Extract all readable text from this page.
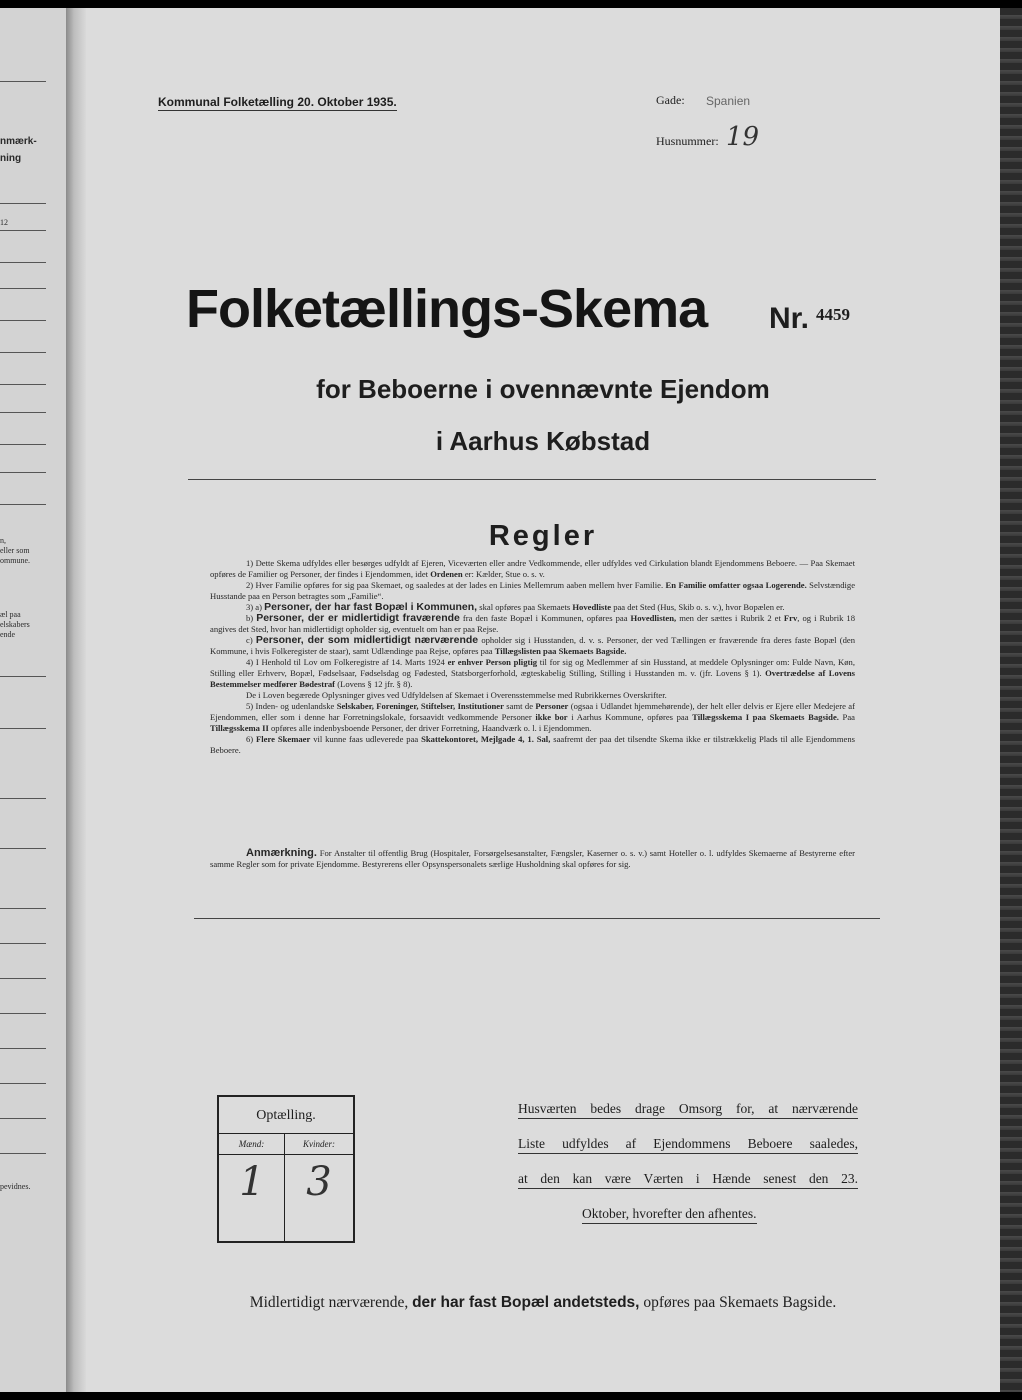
nmærk-
ning
12
n,
eller som
ommune.
æl paa
elskabers
ende
pevidnes.
Kommunal Folketælling 20. Oktober 1935.	Gade: Spanien
Husnummer: 19
Folketællings-Skema Nr. 4459
for Beboerne i ovennævnte Ejendom
i Aarhus Købstad
Regler

1) Dette Skema udfyldes eller besørges udfyldt af Ejeren, Viceværten eller andre Vedkommende, eller udfyldes ved Cirkulation blandt Ejendommens Beboere. — Paa Skemaet opføres de Familier og Personer, der findes i Ejendommen, idet Ordenen er: Kælder, Stue o. s. v.

2) Hver Familie opføres for sig paa Skemaet, og saaledes at der lades en Linies Mellemrum aaben mellem hver Familie. En Familie omfatter ogsaa Logerende. Selvstændige Husstande paa en Person betragtes som „Familie“.

3) a) Personer, der har fast Bopæl i Kommunen, skal opføres paa Skemaets Hovedliste paa det Sted (Hus, Skib o. s. v.), hvor Bopælen er.

b) Personer, der er midlertidigt fraværende fra den faste Bopæl i Kommunen, opføres paa Hovedlisten, men der sættes i Rubrik 2 et Frv, og i Rubrik 18 angives det Sted, hvor han midlertidigt opholder sig, eventuelt om han er paa Rejse.

c) Personer, der som midlertidigt nærværende opholder sig i Husstanden, d. v. s. Personer, der ved Tællingen er fraværende fra deres faste Bopæl (den Kommune, i hvis Folkeregister de staar), samt Udlændinge paa Rejse, opføres paa Tillægslisten paa Skemaets Bagside.

4) I Henhold til Lov om Folkeregistre af 14. Marts 1924 er enhver Person pligtig til for sig og Medlemmer af sin Husstand, at meddele Oplysninger om: Fulde Navn, Køn, Stilling eller Erhverv, Bopæl, Fødselsaar, Fødselsdag og Fødested, Statsborgerforhold, ægteskabelig Stilling, Stilling i Husstanden m. v. (jfr. Lovens § 1). Overtrædelse af Lovens Bestemmelser medfører Bødestraf (Lovens § 12 jfr. § 8).

De i Loven begærede Oplysninger gives ved Udfyldelsen af Skemaet i Overensstemmelse med Rubrikkernes Overskrifter.

5) Inden- og udenlandske Selskaber, Foreninger, Stiftelser, Institutioner samt de Personer (ogsaa i Udlandet hjemmehørende), der helt eller delvis er Ejere eller Medejere af Ejendommen, eller som i denne har Forretningslokale, forsaavidt vedkommende Personer ikke bor i Aarhus Kommune, opføres paa Tillægsskema I paa Skemaets Bagside. Paa Tillægsskema II opføres alle indenbysboende Personer, der driver Forretning, Haandværk o. l. i Ejendommen.

6) Flere Skemaer vil kunne faas udleverede paa Skattekontoret, Mejlgade 4, 1. Sal, saafremt der paa det tilsendte Skema ikke er tilstrækkelig Plads til alle Ejendommens Beboere.

Anmærkning. For Anstalter til offentlig Brug (Hospitaler, Forsørgelsesanstalter, Fængsler, Kaserner o. s. v.) samt Hoteller o. l. udfyldes Skemaerne af Bestyrerne efter samme Regler som for private Ejendomme. Bestyrerens eller Opsynspersonalets særlige Husholdning skal opføres for sig.

Optælling.
Mænd:	Kvinder:
1	3
Husværten bedes drage Omsorg for, at nærværende
Liste udfyldes af Ejendommens Beboere saaledes,
at den kan være Værten i Hænde senest den 23.
Oktober, hvorefter den afhentes.
Midlertidigt nærværende, der har fast Bopæl andetsteds, opføres paa Skemaets Bagside.
